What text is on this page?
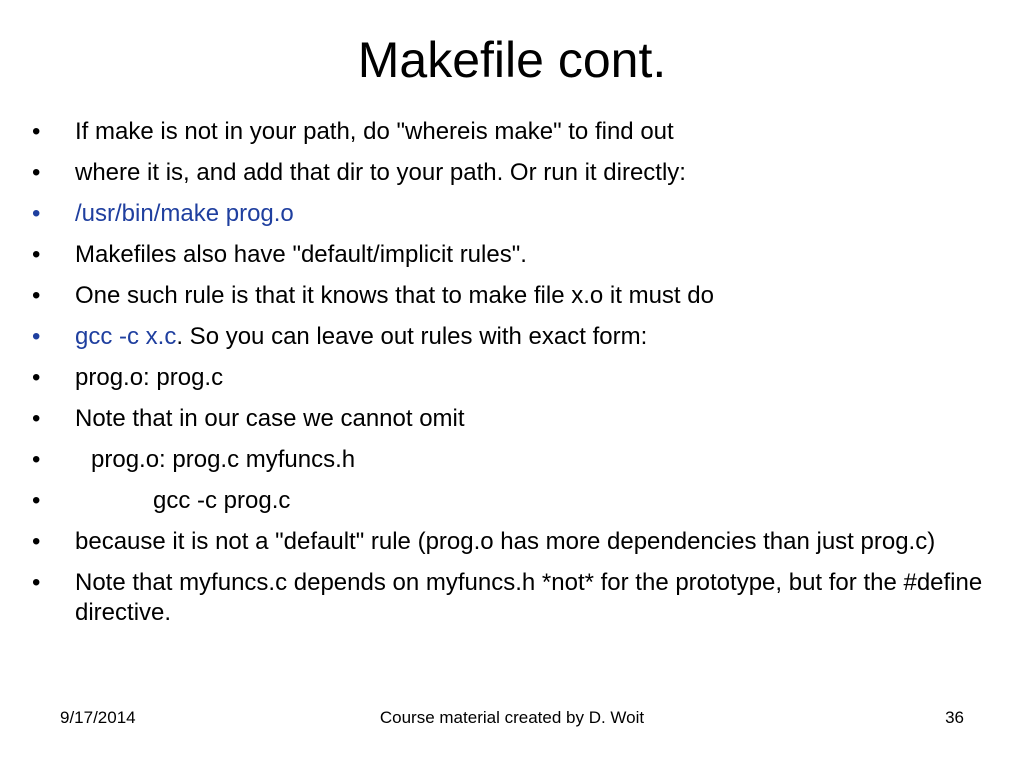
Makefile cont.
•	If make is not in your path, do "whereis make" to find out
•	where it is, and add that dir to your path. Or run it directly:
•	/usr/bin/make prog.o
•	Makefiles also have "default/implicit rules".
•	One such rule is that it knows that to make file x.o it must do
•	gcc -c x.c. So you can leave out rules with exact form:
•	prog.o: prog.c
•	Note that in our case we cannot omit
•	prog.o: prog.c myfuncs.h
•	gcc -c prog.c
•	because it is not a "default" rule (prog.o has more dependencies than just prog.c)
•	Note that myfuncs.c depends on myfuncs.h *not* for the prototype, but for the #define directive.
9/17/2014	Course material created by D. Woit	36
